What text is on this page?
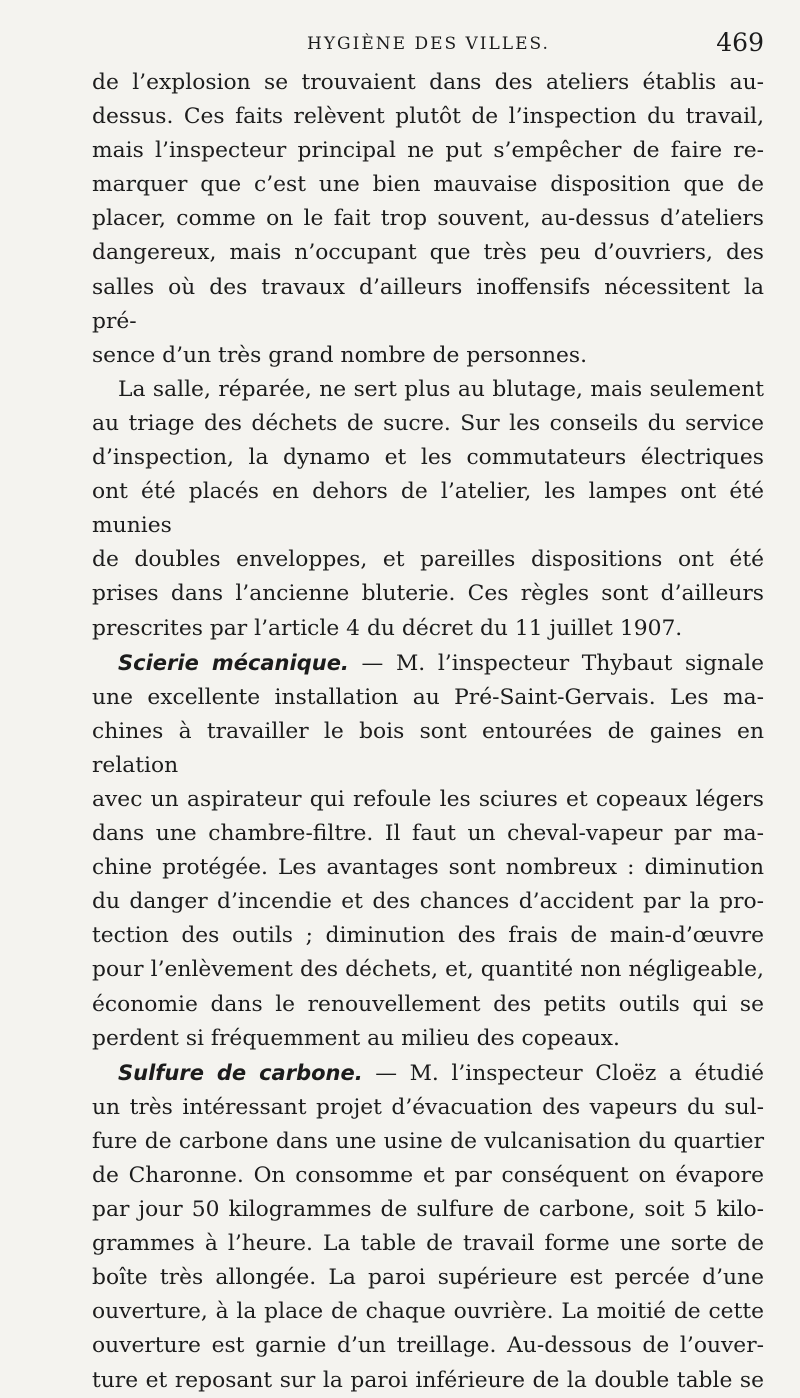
HYGIÈNE DES VILLES.	469

de l’explosion se trouvaient dans des ateliers établis au-
dessus. Ces faits relèvent plutôt de l’inspection du travail,
mais l’inspecteur principal ne put s’empêcher de faire re-
marquer que c’est une bien mauvaise disposition que de
placer, comme on le fait trop souvent, au-dessus d’ateliers
dangereux, mais n’occupant que très peu d’ouvriers, des
salles où des travaux d’ailleurs inoffensifs nécessitent la pré-
sence d’un très grand nombre de personnes.

La salle, réparée, ne sert plus au blutage, mais seulement
au triage des déchets de sucre. Sur les conseils du service
d’inspection, la dynamo et les commutateurs électriques
ont été placés en dehors de l’atelier, les lampes ont été munies
de doubles enveloppes, et pareilles dispositions ont été
prises dans l’ancienne bluterie. Ces règles sont d’ailleurs
prescrites par l’article 4 du décret du 11 juillet 1907.

Scierie mécanique. — M. l’inspecteur Thybaut signale
une excellente installation au Pré-Saint-Gervais. Les ma-
chines à travailler le bois sont entourées de gaines en relation
avec un aspirateur qui refoule les sciures et copeaux légers
dans une chambre-filtre. Il faut un cheval-vapeur par ma-
chine protégée. Les avantages sont nombreux : diminution
du danger d’incendie et des chances d’accident par la pro-
tection des outils ; diminution des frais de main-d’œuvre
pour l’enlèvement des déchets, et, quantité non négligeable,
économie dans le renouvellement des petits outils qui se
perdent si fréquemment au milieu des copeaux.

Sulfure de carbone. — M. l’inspecteur Cloëz a étudié
un très intéressant projet d’évacuation des vapeurs du sul-
fure de carbone dans une usine de vulcanisation du quartier
de Charonne. On consomme et par conséquent on évapore
par jour 50 kilogrammes de sulfure de carbone, soit 5 kilo-
grammes à l’heure. La table de travail forme une sorte de
boîte très allongée. La paroi supérieure est percée d’une
ouverture, à la place de chaque ouvrière. La moitié de cette
ouverture est garnie d’un treillage. Au-dessous de l’ouver-
ture et reposant sur la paroi inférieure de la double table se
